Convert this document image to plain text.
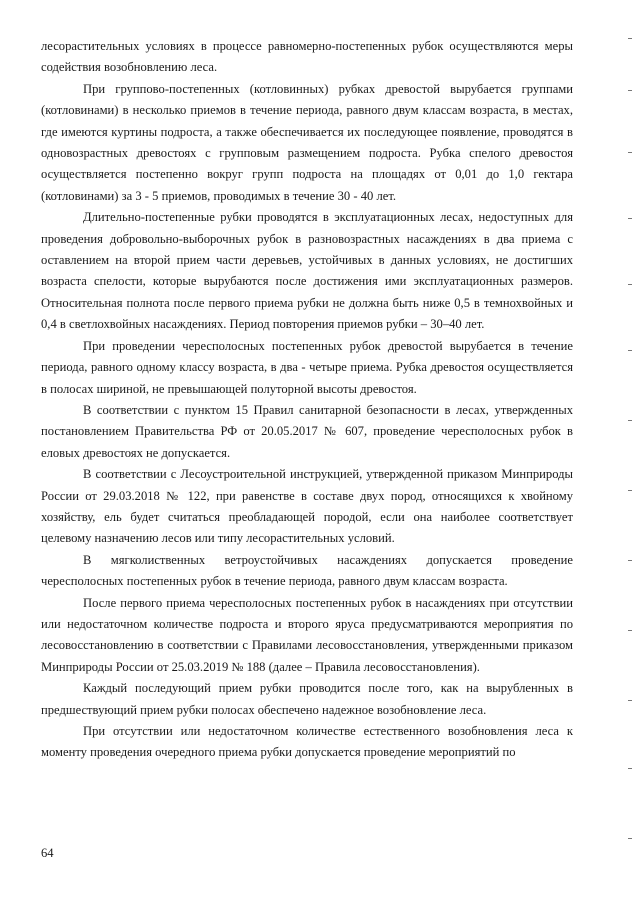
лесорастительных условиях в процессе равномерно-постепенных рубок осуществляются меры содействия возобновлению леса.

При группово-постепенных (котловинных) рубках древостой вырубается группами (котловинами) в несколько приемов в течение периода, равного двум классам возраста, в местах, где имеются куртины подроста, а также обеспечивается их последующее появление, проводятся в одновозрастных древостоях с групповым размещением подроста. Рубка спелого древостоя осуществляется постепенно вокруг групп подроста на площадях от 0,01 до 1,0 гектара (котловинами) за 3 - 5 приемов, проводимых в течение 30 - 40 лет.

Длительно-постепенные рубки проводятся в эксплуатационных лесах, недоступных для проведения добровольно-выборочных рубок в разновозрастных насаждениях в два приема с оставлением на второй прием части деревьев, устойчивых в данных условиях, не достигших возраста спелости, которые вырубаются после достижения ими эксплуатационных размеров. Относительная полнота после первого приема рубки не должна быть ниже 0,5 в темнохвойных и 0,4 в светлохвойных насаждениях. Период повторения приемов рубки – 30–40 лет.

При проведении чересполосных постепенных рубок древостой вырубается в течение периода, равного одному классу возраста, в два - четыре приема. Рубка древостоя осуществляется в полосах шириной, не превышающей полуторной высоты древостоя.

В соответствии с пунктом 15 Правил санитарной безопасности в лесах, утвержденных постановлением Правительства РФ от 20.05.2017 № 607, проведение чересполосных рубок в еловых древостоях не допускается.

В соответствии с Лесоустроительной инструкцией, утвержденной приказом Минприроды России от 29.03.2018 № 122, при равенстве в составе двух пород, относящихся к хвойному хозяйству, ель будет считаться преобладающей породой, если она наиболее соответствует целевому назначению лесов или типу лесорастительных условий.

В мягколиственных ветроустойчивых насаждениях допускается проведение чересполосных постепенных рубок в течение периода, равного двум классам возраста.

После первого приема чересполосных постепенных рубок в насаждениях при отсутствии или недостаточном количестве подроста и второго яруса предусматриваются мероприятия по лесовосстановлению в соответствии с Правилами лесовосстановления, утвержденными приказом Минприроды России от 25.03.2019 № 188 (далее – Правила лесовосстановления).

Каждый последующий прием рубки проводится после того, как на вырубленных в предшествующий прием рубки полосах обеспечено надежное возобновление леса.

При отсутствии или недостаточном количестве естественного возобновления леса к моменту проведения очередного приема рубки допускается проведение мероприятий по

64
